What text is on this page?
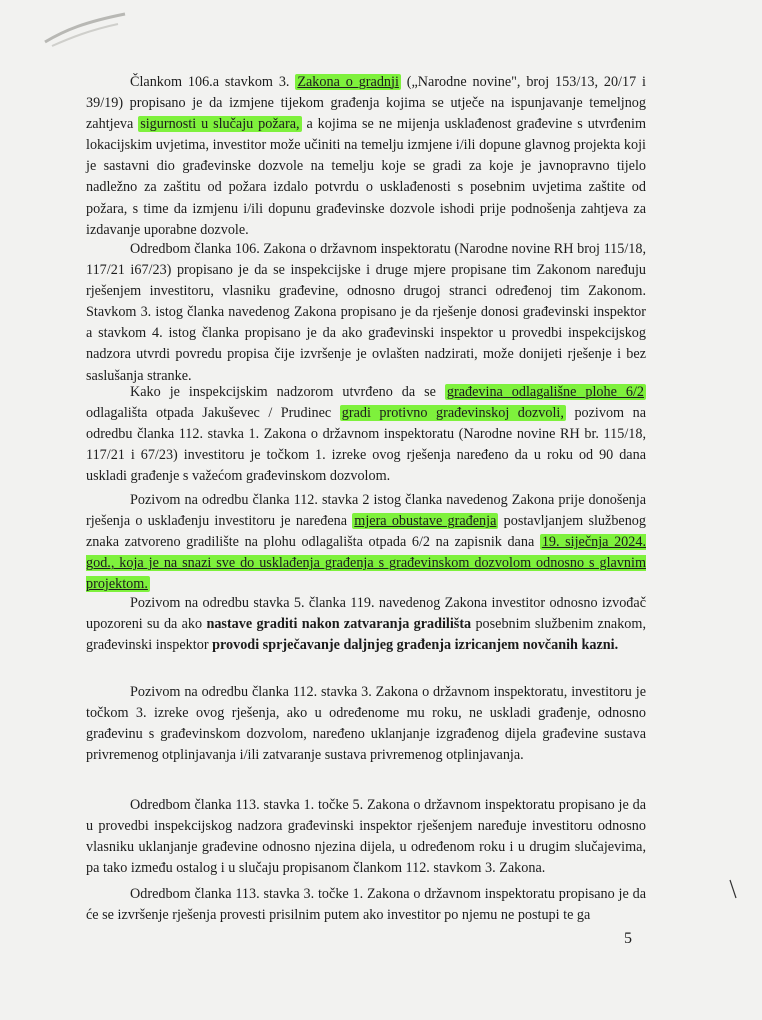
Člankom 106.a stavkom 3. Zakona o gradnji („Narodne novine", broj 153/13, 20/17 i 39/19) propisano je da izmjene tijekom građenja kojima se utječe na ispunjavanje temeljnog zahtjeva sigurnosti u slučaju požara, a kojima se ne mijenja usklađenost građevine s utvrđenim lokacijskim uvjetima, investitor može učiniti na temelju izmjene i/ili dopune glavnog projekta koji je sastavni dio građevinske dozvole na temelju koje se gradi za koje je javnopravno tijelo nadležno za zaštitu od požara izdalo potvrdu o usklađenosti s posebnim uvjetima zaštite od požara, s time da izmjenu i/ili dopunu građevinske dozvole ishodi prije podnošenja zahtjeva za izdavanje uporabne dozvole.

Odredbom članka 106. Zakona o državnom inspektoratu (Narodne novine RH broj 115/18, 117/21 i67/23) propisano je da se inspekcijske i druge mjere propisane tim Zakonom naređuju rješenjem investitoru, vlasniku građevine, odnosno drugoj stranci određenoj tim Zakonom. Stavkom 3. istog članka navedenog Zakona propisano je da rješenje donosi građevinski inspektor a stavkom 4. istog članka propisano je da ako građevinski inspektor u provedbi inspekcijskog nadzora utvrdi povredu propisa čije izvršenje je ovlašten nadzirati, može donijeti rješenje i bez saslušanja stranke.

Kako je inspekcijskim nadzorom utvrđeno da se građevina odlagališne plohe 6/2 odlagališta otpada Jakuševec / Prudinec gradi protivno građevinskoj dozvoli, pozivom na odredbu članka 112. stavka 1. Zakona o državnom inspektoratu (Narodne novine RH br. 115/18, 117/21 i 67/23) investitoru je točkom 1. izreke ovog rješenja naređeno da u roku od 90 dana uskladi građenje s važećom građevinskom dozvolom.

Pozivom na odredbu članka 112. stavka 2 istog članka navedenog Zakona prije donošenja rješenja o usklađenju investitoru je naređena mjera obustave građenja postavljanjem službenog znaka zatvoreno gradilište na plohu odlagališta otpada 6/2 na zapisnik dana 19. siječnja 2024. god., koja je na snazi sve do usklađenja građenja s građevinskom dozvolom odnosno s glavnim projektom.

Pozivom na odredbu stavka 5. članka 119. navedenog Zakona investitor odnosno izvođač upozoreni su da ako nastave graditi nakon zatvaranja gradilišta posebnim službenim znakom, građevinski inspektor provodi sprječavanje daljnjeg građenja izricanjem novčanih kazni.

Pozivom na odredbu članka 112. stavka 3. Zakona o državnom inspektoratu, investitoru je točkom 3. izreke ovog rješenja, ako u određenome mu roku, ne uskladi građenje, odnosno građevinu s građevinskom dozvolom, naređeno uklanjanje izgrađenog dijela građevine sustava privremenog otplinjavanja i/ili zatvaranje sustava privremenog otplinjavanja.

Odredbom članka 113. stavka 1. točke 5. Zakona o državnom inspektoratu propisano je da u provedbi inspekcijskog nadzora građevinski inspektor rješenjem naređuje investitoru odnosno vlasniku uklanjanje građevine odnosno njezina dijela, u određenom roku i u drugim slučajevima, pa tako između ostalog i u slučaju propisanom člankom 112. stavkom 3. Zakona.

Odredbom članka 113. stavka 3. točke 1. Zakona o državnom inspektoratu propisano je da će se izvršenje rješenja provesti prisilnim putem ako investitor po njemu ne postupi te ga

5
